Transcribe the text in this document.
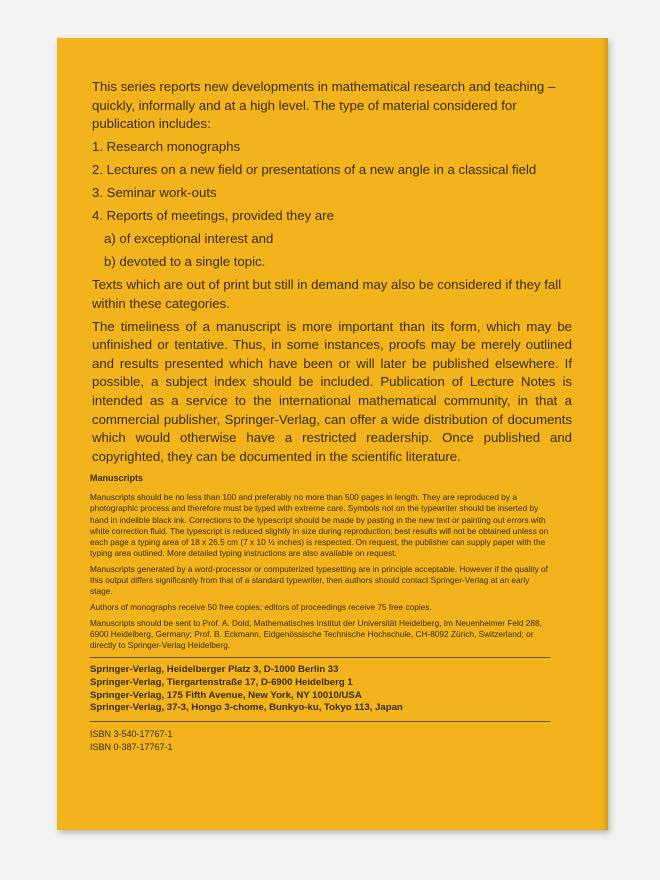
This series reports new developments in mathematical research and teaching – quickly, informally and at a high level. The type of material considered for publication includes:

1. Research monographs
2. Lectures on a new field or presentations of a new angle in a classical field
3. Seminar work-outs
4. Reports of meetings, provided they are
a) of exceptional interest and
b) devoted to a single topic.

Texts which are out of print but still in demand may also be considered if they fall within these categories.

The timeliness of a manuscript is more important than its form, which may be unfinished or tentative. Thus, in some instances, proofs may be merely outlined and results presented which have been or will later be published elsewhere. If possible, a subject index should be included. Publication of Lecture Notes is intended as a service to the international mathematical community, in that a commercial publisher, Springer-Verlag, can offer a wide distribution of documents which would otherwise have a restricted readership. Once published and copyrighted, they can be documented in the scientific literature.

Manuscripts

Manuscripts should be no less than 100 and preferably no more than 500 pages in length. They are reproduced by a photographic process and therefore must be typed with extreme care. Symbols not on the typewriter should be inserted by hand in indelible black ink. Corrections to the typescript should be made by pasting in the new text or painting out errors with white correction fluid. The typescript is reduced slightly in size during reproduction; best results will not be obtained unless on each page a typing area of 18 x 26.5 cm (7 x 10 ½ inches) is respected. On request, the publisher can supply paper with the typing area outlined. More detailed typing instructions are also available on request.

Manuscripts generated by a word-processor or computerized typesetting are in principle acceptable. However if the quality of this output differs significantly from that of a standard typewriter, then authors should contact Springer-Verlag at an early stage.

Authors of monographs receive 50 free copies; editors of proceedings receive 75 free copies.

Manuscripts should be sent to Prof. A. Dold, Mathematisches Institut der Universität Heidelberg, Im Neuenheimer Feld 288, 6900 Heidelberg, Germany; Prof. B. Eckmann, Eidgenössische Technische Hochschule, CH-8092 Zürich, Switzerland; or directly to Springer-Verlag Heidelberg.

Springer-Verlag, Heidelberger Platz 3, D-1000 Berlin 33
Springer-Verlag, Tiergartenstraße 17, D-6900 Heidelberg 1
Springer-Verlag, 175 Fifth Avenue, New York, NY 10010/USA
Springer-Verlag, 37-3, Hongo 3-chome, Bunkyo-ku, Tokyo 113, Japan
ISBN 3-540-17767-1
ISBN 0-387-17767-1
